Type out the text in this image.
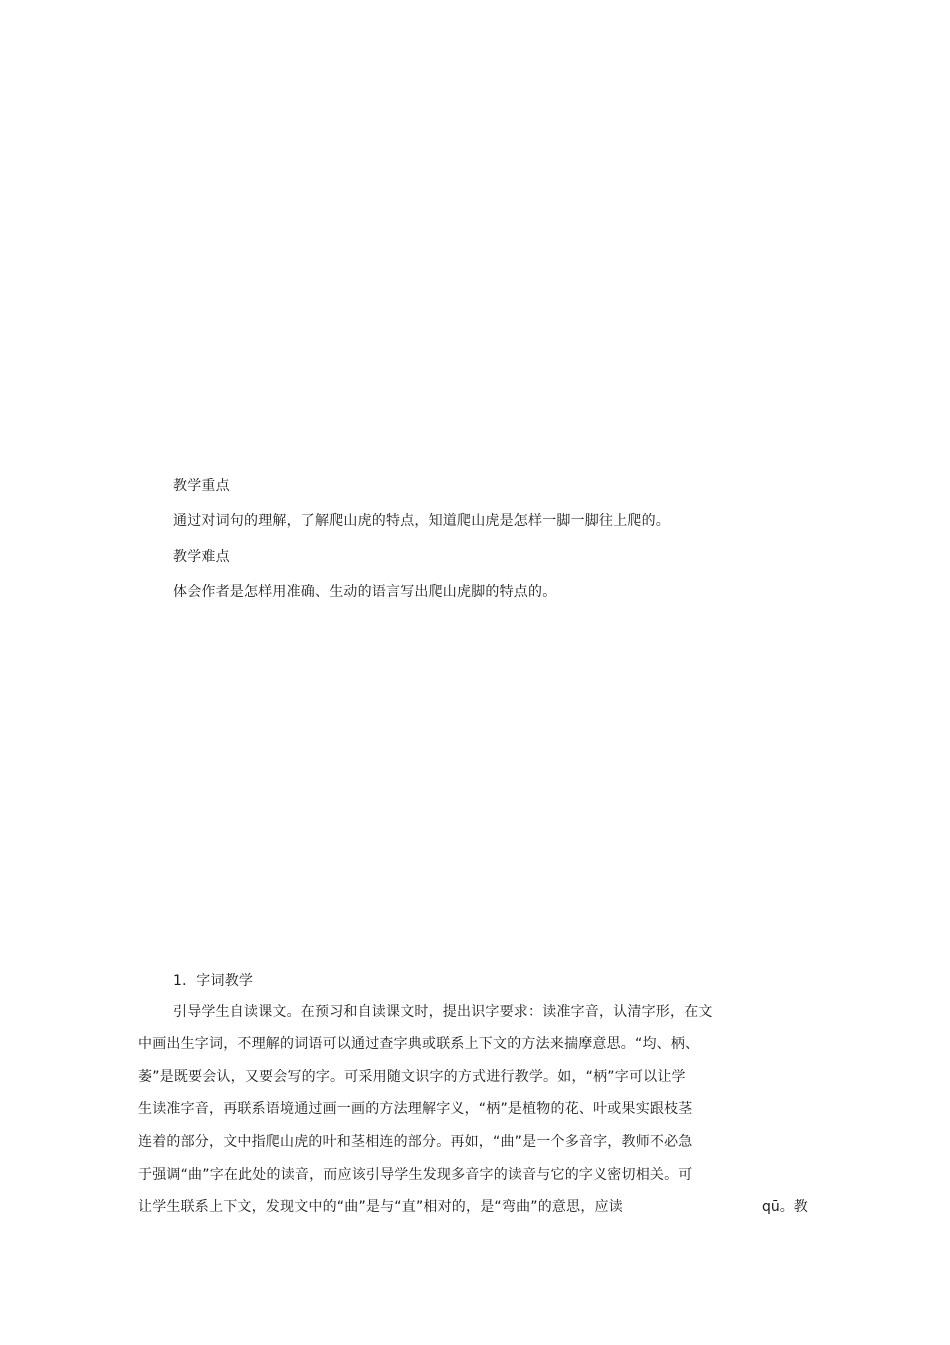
教学重点
通过对词句的理解，了解爬山虎的特点，知道爬山虎是怎样一脚一脚往上爬的。
教学难点
体会作者是怎样用准确、生动的语言写出爬山虎脚的特点的。
1．字词教学
引导学生自读课文。在预习和自读课文时，提出识字要求：读准字音，认清字形，在文
中画出生字词，不理解的词语可以通过查字典或联系上下文的方法来揣摩意思。“均、柄、
萎”是既要会认，又要会写的字。可采用随文识字的方式进行教学。如，“柄”字可以让学
生读准字音，再联系语境通过画一画的方法理解字义，“柄”是植物的花、叶或果实跟枝茎
连着的部分，文中指爬山虎的叶和茎相连的部分。再如，“曲”是一个多音字，教师不必急
于强调“曲”字在此处的读音，而应该引导学生发现多音字的读音与它的字义密切相关。可
让学生联系上下文，发现文中的“曲”是与“直”相对的，是“弯曲”的意思，应读	qū。教
